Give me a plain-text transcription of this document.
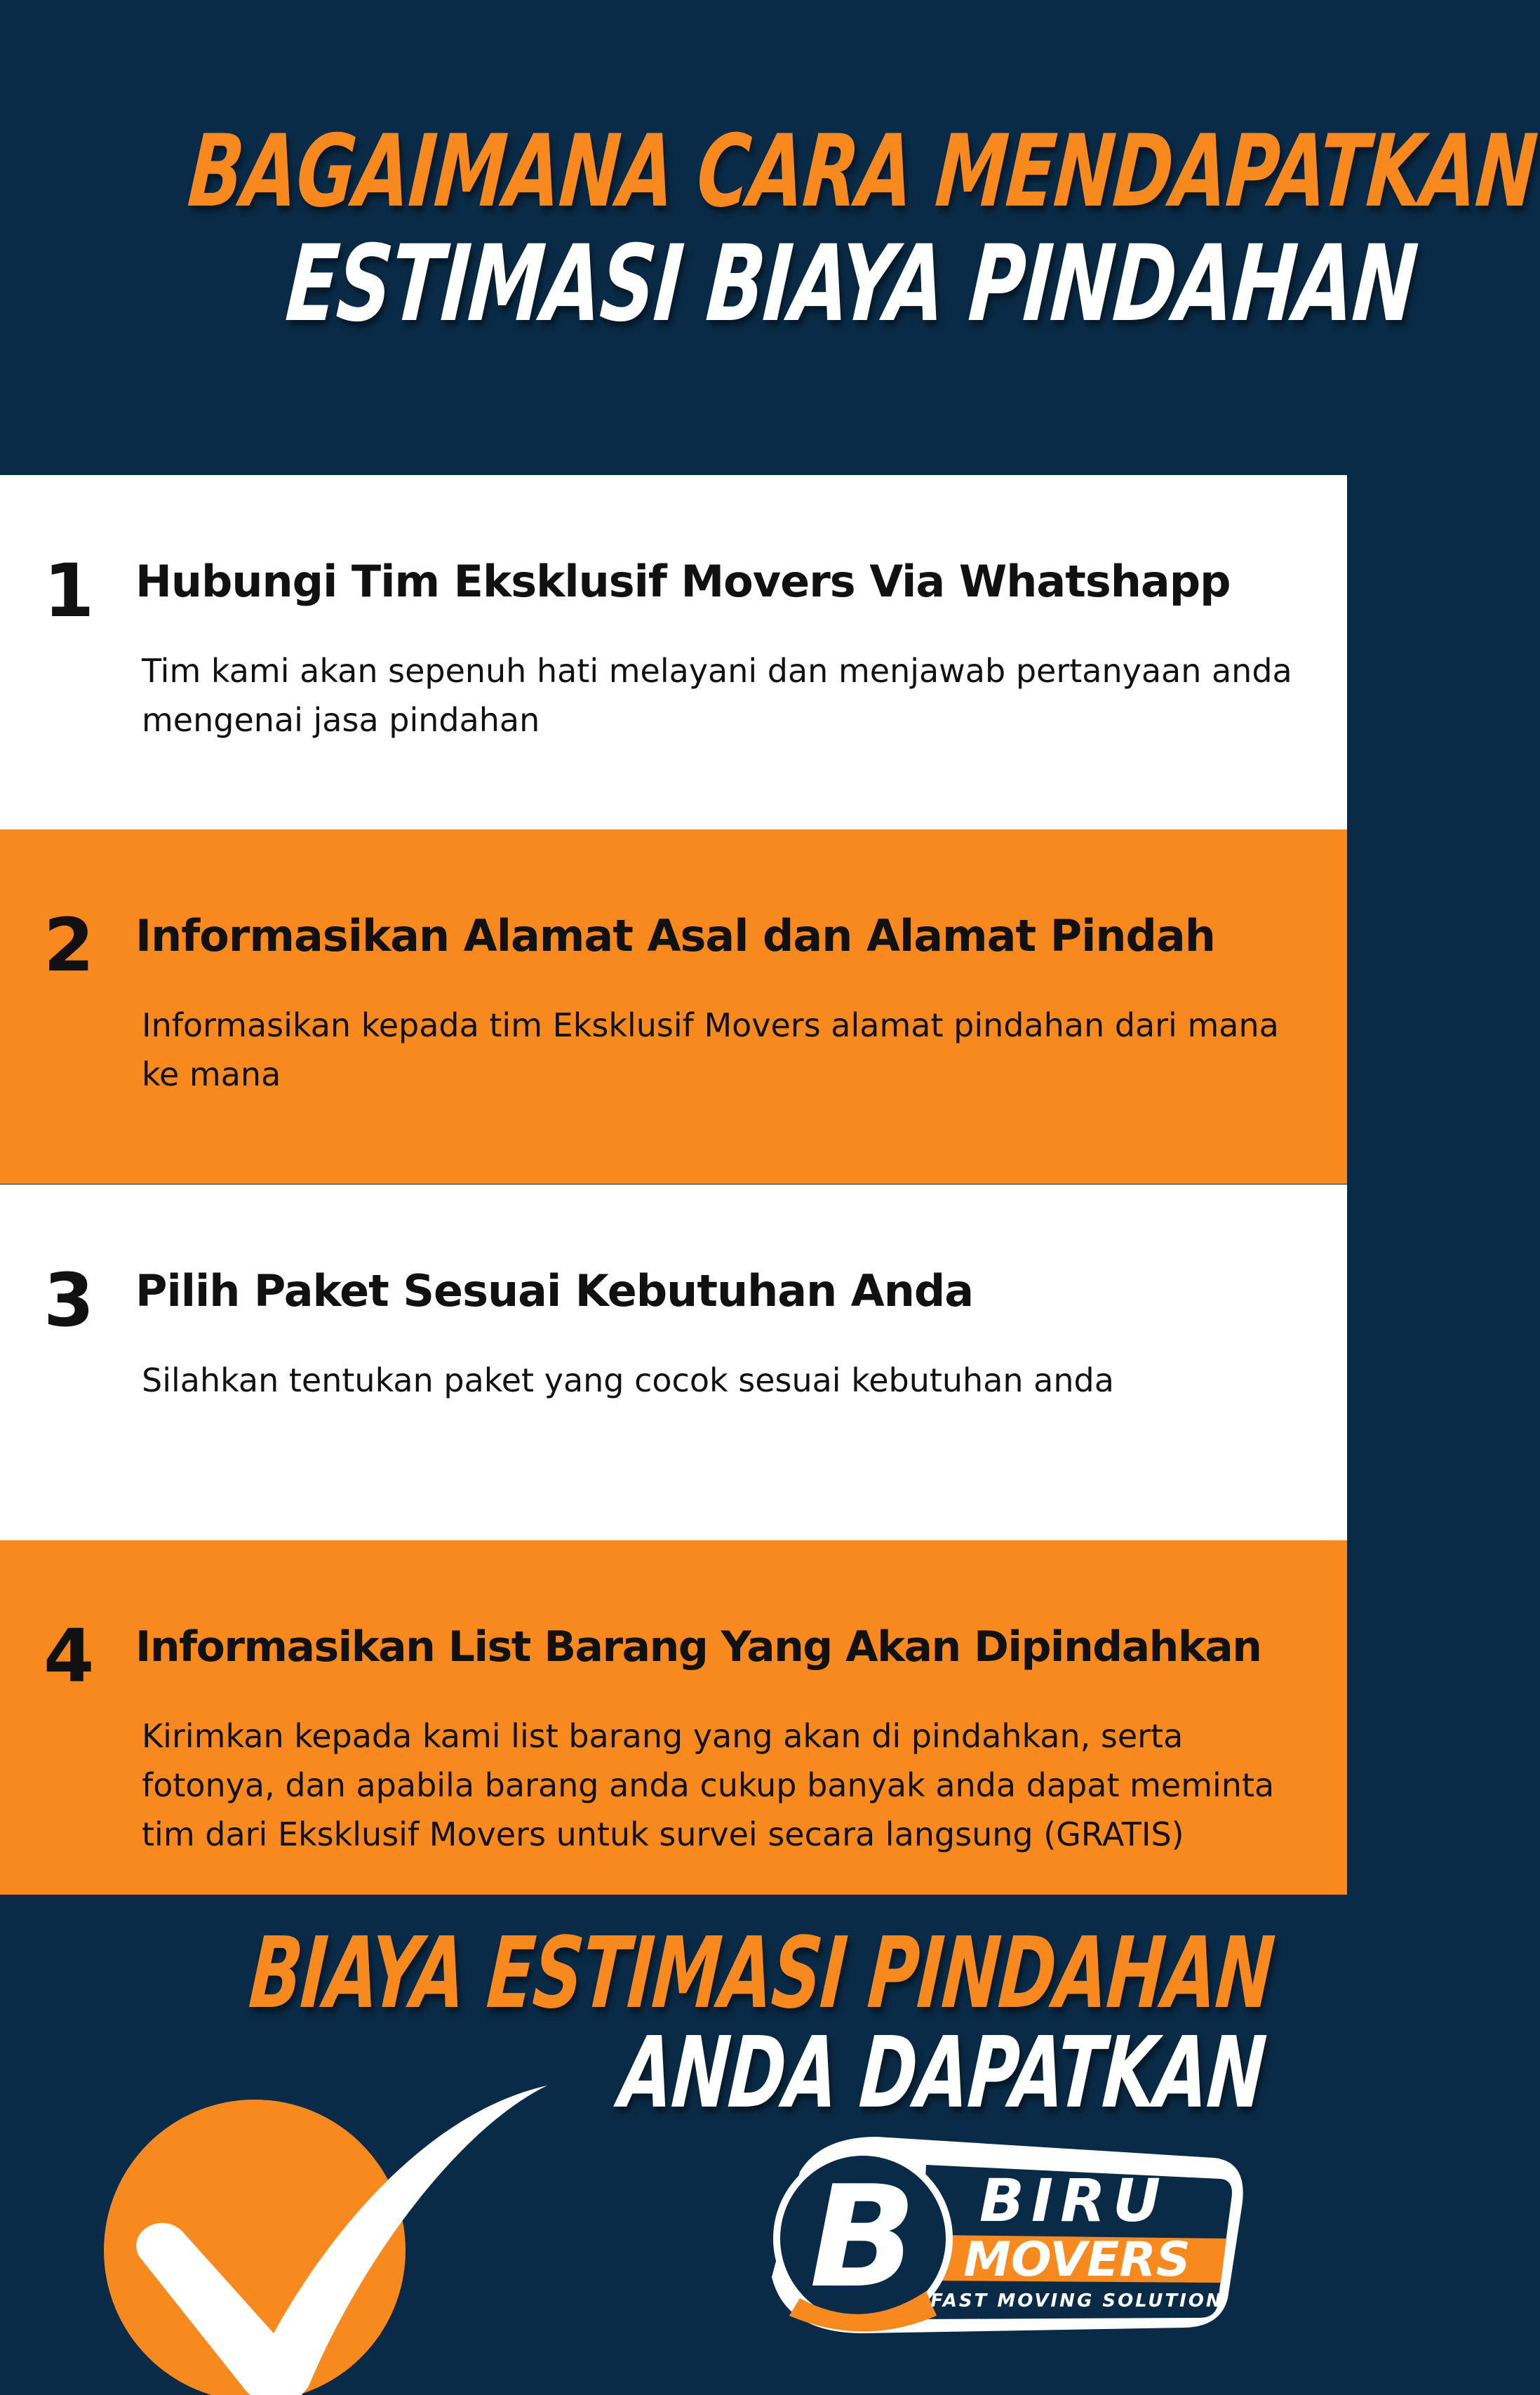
BAGAIMANA CARA MENDAPATKAN
ESTIMASI BIAYA PINDAHAN
1 Hubungi Tim Eksklusif Movers Via Whatshapp
Tim kami akan sepenuh hati melayani dan menjawab pertanyaan anda mengenai jasa pindahan
2 Informasikan Alamat Asal dan Alamat Pindah
Informasikan kepada tim Eksklusif Movers alamat pindahan dari mana ke mana
3 Pilih Paket Sesuai Kebutuhan Anda
Silahkan tentukan paket yang cocok sesuai kebutuhan anda
4 Informasikan List Barang Yang Akan Dipindahkan
Kirimkan kepada kami list barang yang akan di pindahkan, serta fotonya, dan apabila barang anda cukup banyak anda dapat meminta tim dari Eksklusif Movers untuk survei secara langsung (GRATIS)
BIAYA ESTIMASI PINDAHAN
ANDA DAPATKAN
B BIRU
MOVERS
FAST MOVING SOLUTION
